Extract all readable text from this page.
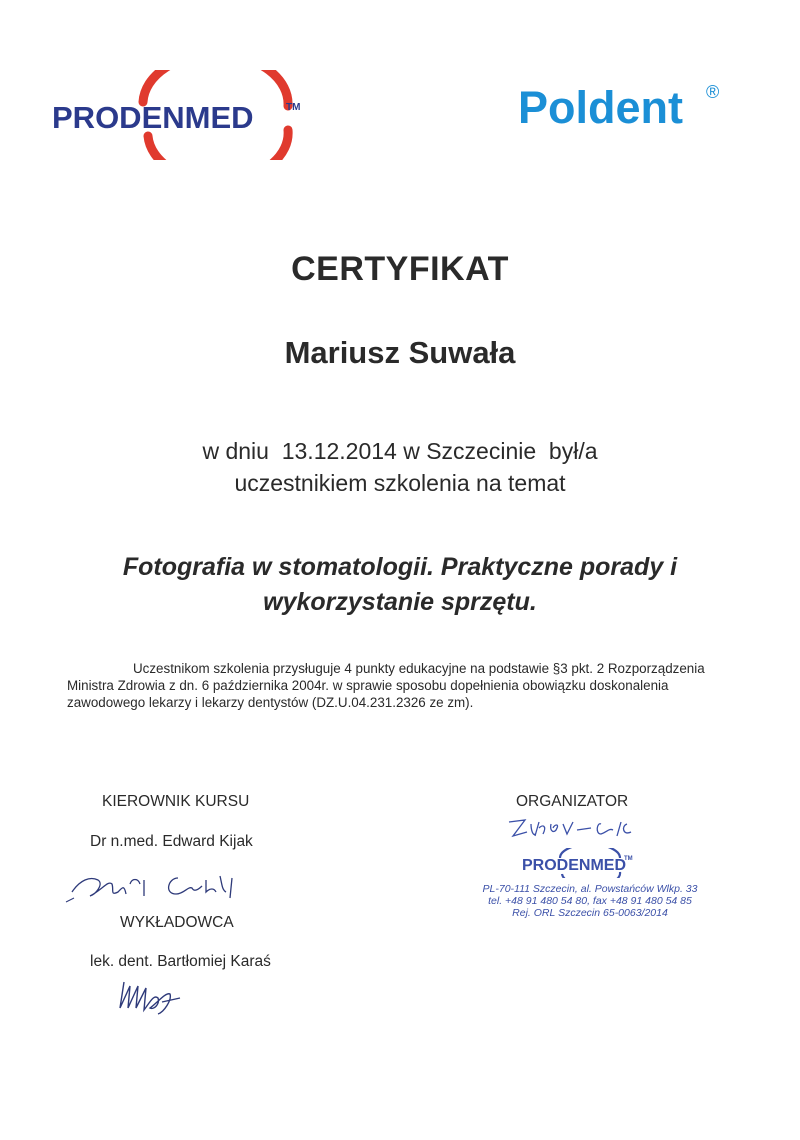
PRODENMED	TM	Poldent ®
CERTYFIKAT
Mariusz Suwała
w dniu  13.12.2014 w Szczecinie  był/a
uczestnikiem szkolenia na temat
Fotografia w stomatologii. Praktyczne porady i
wykorzystanie sprzętu.
Uczestnikom szkolenia przysługuje 4 punkty edukacyjne na podstawie §3 pkt. 2 Rozporządzenia
Ministra Zdrowia z dn. 6 października 2004r. w sprawie sposobu dopełnienia obowiązku doskonalenia
zawodowego lekarzy i lekarzy dentystów (DZ.U.04.231.2326 ze zm).
KIEROWNIK KURSU
Dr n.med. Edward Kijak
WYKŁADOWCA
lek. dent. Bartłomiej Karaś
ORGANIZATOR
PRODENMED
TM
PL-70-111 Szczecin, al. Powstańców Wlkp. 33
tel. +48 91 480 54 80, fax +48 91 480 54 85
Rej. ORL Szczecin 65-0063/2014
